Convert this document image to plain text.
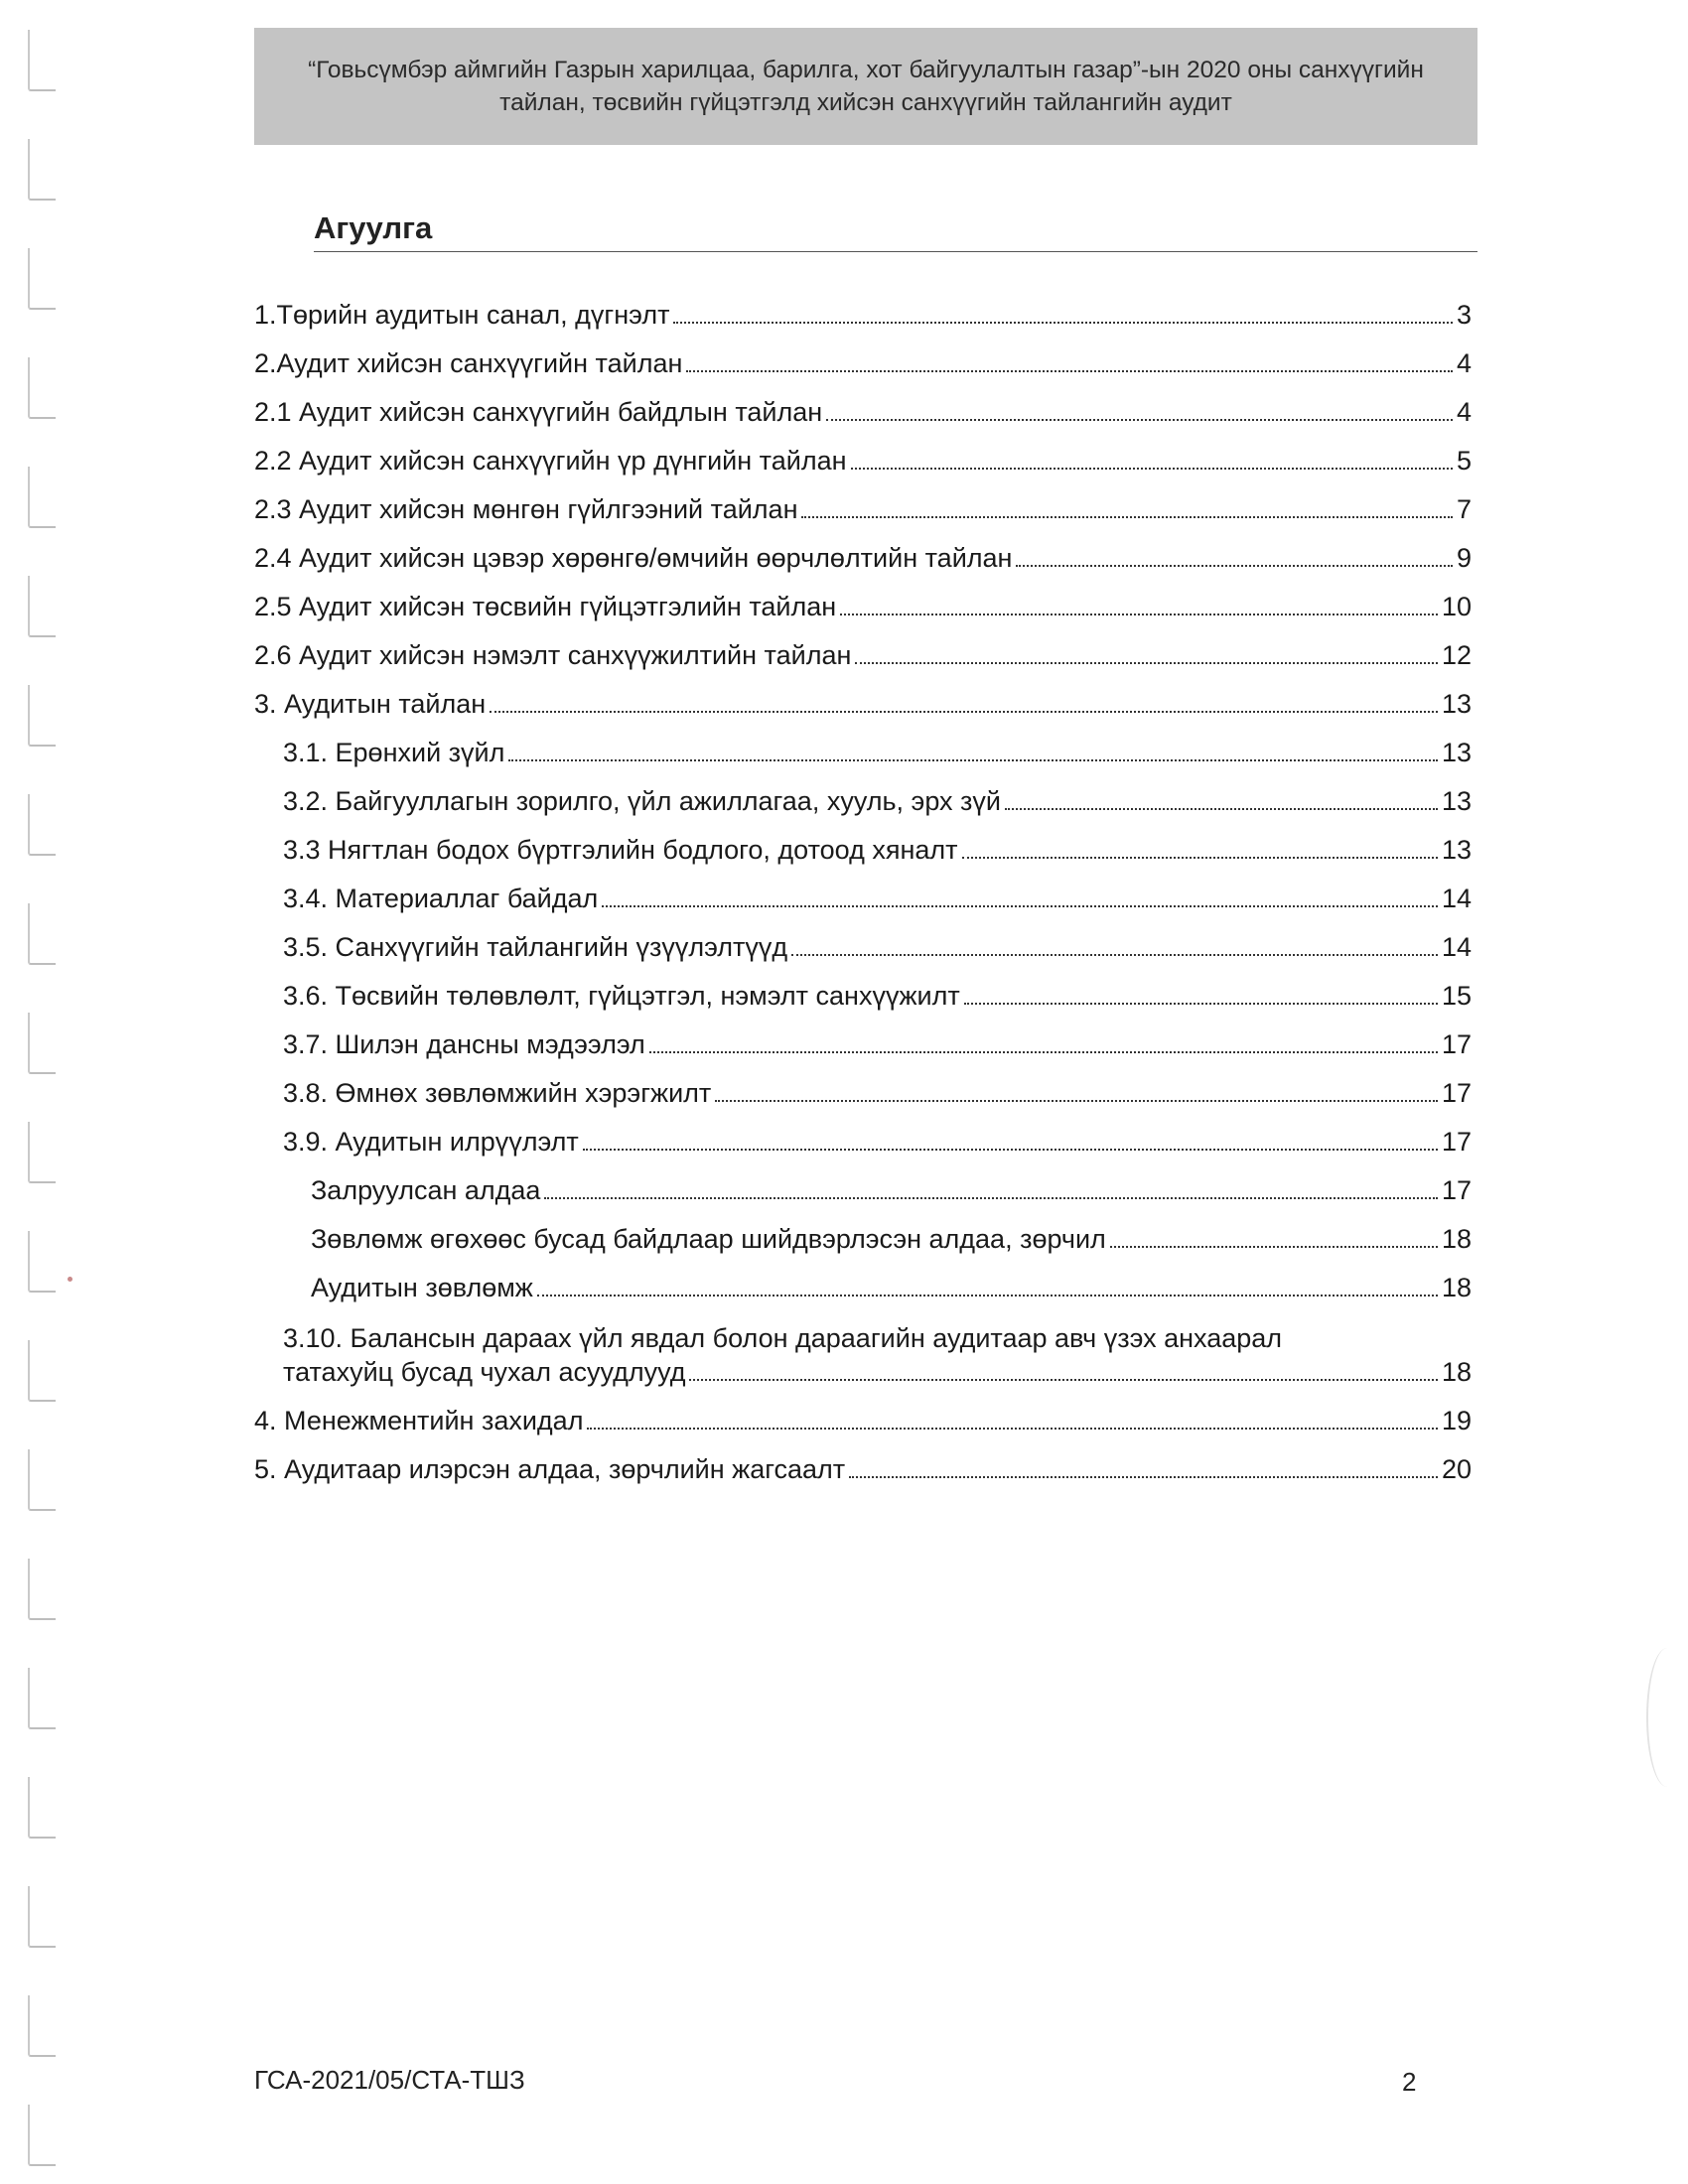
“Говьсүмбэр аймгийн Газрын харилцаа, барилга, хот байгуулалтын газар”-ын 2020 оны санхүүгийн тайлан, төсвийн гүйцэтгэлд хийсэн санхүүгийн тайлангийн аудит
Агуулга
1.Төрийн аудитын санал, дүгнэлт	3
2.Аудит хийсэн санхүүгийн тайлан	4
2.1 Аудит хийсэн санхүүгийн байдлын тайлан	4
2.2 Аудит хийсэн санхүүгийн үр дүнгийн тайлан	5
2.3 Аудит хийсэн мөнгөн гүйлгээний тайлан	7
2.4 Аудит хийсэн цэвэр хөрөнгө/өмчийн өөрчлөлтийн тайлан	9
2.5 Аудит хийсэн төсвийн гүйцэтгэлийн тайлан	10
2.6 Аудит хийсэн нэмэлт санхүүжилтийн тайлан	12
3. Аудитын тайлан	13
3.1. Ерөнхий зүйл	13
3.2. Байгууллагын зорилго, үйл ажиллагаа, хууль, эрх зүй	13
3.3 Нягтлан бодох бүртгэлийн бодлого, дотоод хяналт	13
3.4. Материаллаг байдал	14
3.5. Санхүүгийн тайлангийн үзүүлэлтүүд	14
3.6. Төсвийн төлөвлөлт, гүйцэтгэл, нэмэлт санхүүжилт	15
3.7. Шилэн дансны мэдээлэл	17
3.8. Өмнөх зөвлөмжийн хэрэгжилт	17
3.9. Аудитын илрүүлэлт	17
Залруулсан алдаа	17
Зөвлөмж өгөхөөс бусад байдлаар шийдвэрлэсэн алдаа, зөрчил	18
Аудитын зөвлөмж	18
3.10. Балансын дараах үйл явдал болон дараагийн аудитаар авч үзэх анхаарал
татахуйц бусад чухал асуудлууд	18
4. Менежментийн захидал	19
5. Аудитаар илэрсэн алдаа, зөрчлийн жагсаалт	20
ГСА-2021/05/СТА-ТШЗ	2
